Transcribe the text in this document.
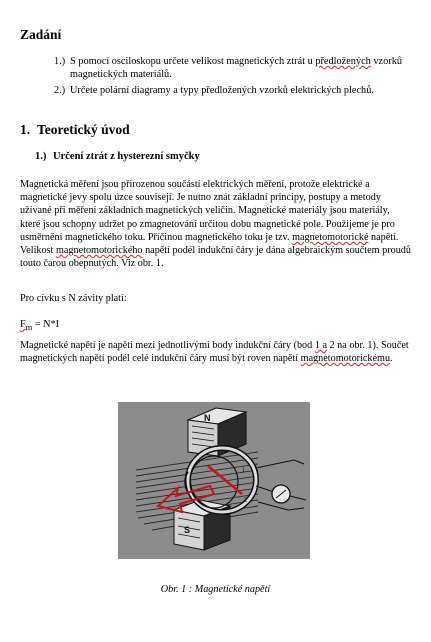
Zadání
1.) S pomocí osciloskopu určete velikost magnetických ztrát u předložených vzorků magnetických materiálů.
2.) Určete polární diagramy a typy předložených vzorků elektrických plechů.
1. Teoretický úvod
1.) Určení ztrát z hysterezní smyčky

Magnetická měření jsou přirozenou součástí elektrických měření, protože elektrické a magnetické jevy spolu úzce souvisejí. Je nutno znát základní principy, postupy a metody užívané při měření základních magnetických veličin. Magnetické materiály jsou materiály, které jsou schopny udržet po zmagnetování určitou dobu magnetické pole. Použijeme je pro usměrnění magnetického toku. Příčinou magnetického toku je tzv. magnetomotorické napětí. Velikost magnetomotorického napětí podél indukční čáry je dána algebraickým součtem proudů touto čarou obepnutých. Viz obr. 1.

Pro cívku s N závity platí:

$F_m = N*I$

Magnetické napětí je napětí mezi jednotlivými body indukční čáry (bod 1 a 2 na obr. 1). Součet magnetických napětí podél celé indukční čáry musí být roven napětí magnetomotorickému.

N
S
1
2

Obr. 1 : Magnetické napětí
